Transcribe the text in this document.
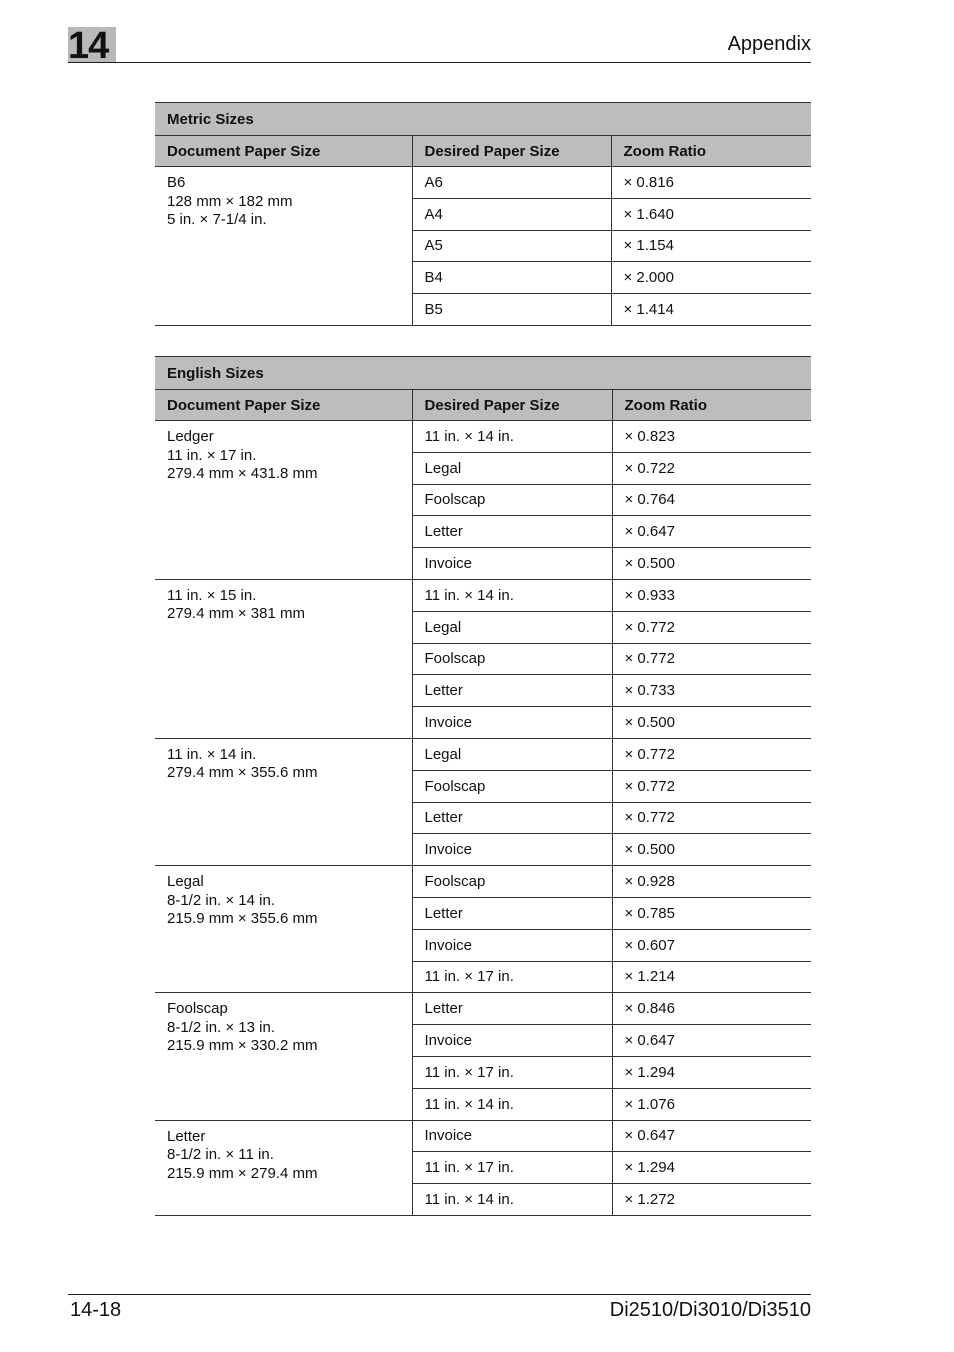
14	Appendix
Metric Sizes		
Document Paper Size	Desired Paper Size	Zoom Ratio

B6
128 mm × 182 mm
5 in. × 7-1/4 in.	A6	× 0.816
	A4	× 1.640
	A5	× 1.154
	B4	× 2.000
	B5	× 1.414
English Sizes		
Document Paper Size	Desired Paper Size	Zoom Ratio

Ledger
11 in. × 17 in.
279.4 mm × 431.8 mm	11 in. × 14 in.	× 0.823
	Legal	× 0.722
	Foolscap	× 0.764
	Letter	× 0.647
	Invoice	× 0.500

11 in. × 15 in.
279.4 mm × 381 mm	11 in. × 14 in.	× 0.933
	Legal	× 0.772
	Foolscap	× 0.772
	Letter	× 0.733
	Invoice	× 0.500

11 in. × 14 in.
279.4 mm × 355.6 mm	Legal	× 0.772
	Foolscap	× 0.772
	Letter	× 0.772
	Invoice	× 0.500

Legal
8-1/2 in. × 14 in.
215.9 mm × 355.6 mm	Foolscap	× 0.928
	Letter	× 0.785
	Invoice	× 0.607
	11 in. × 17 in.	× 1.214

Foolscap
8-1/2 in. × 13 in.
215.9 mm × 330.2 mm	Letter	× 0.846
	Invoice	× 0.647
	11 in. × 17 in.	× 1.294
	11 in. × 14 in.	× 1.076

Letter
8-1/2 in. × 11 in.
215.9 mm × 279.4 mm	Invoice	× 0.647
	11 in. × 17 in.	× 1.294
	11 in. × 14 in.	× 1.272
14-18	Di2510/Di3010/Di3510
